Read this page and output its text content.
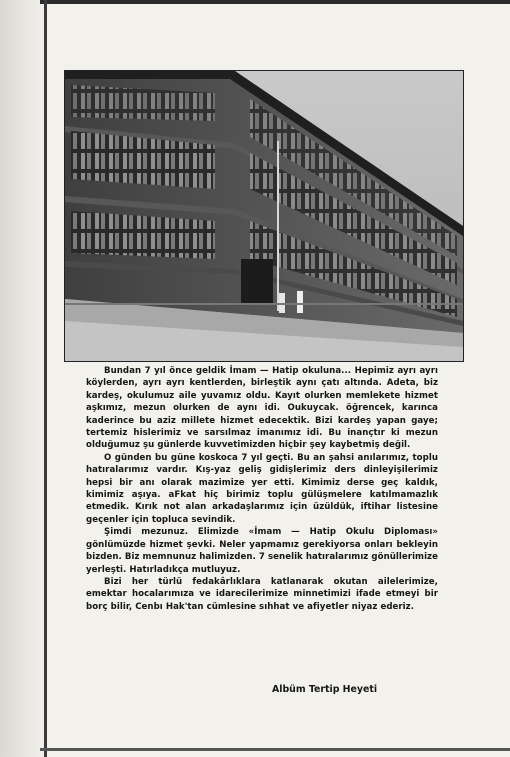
Bundan 7 yıl önce geldik İmam — Hatip okuluna... Hepimiz ayrı ayrı köylerden, ayrı ayrı kentlerden, birleştik aynı çatı altında. Adeta, biz kardeş, okulumuz aile yuvamız oldu. Kayıt olurken memlekete hizmet aşkımız, mezun olurken de aynı idi. Oukuycak. öğrencek, karınca kaderince bu aziz millete hizmet edecektik. Bizi kardeş yapan gaye; tertemiz hislerimiz ve sarsılmaz imanımız idi. Bu inançtır ki mezun olduğumuz şu günlerde kuvvetimizden hiçbir şey kaybetmiş değil.

O günden bu güne koskoca 7 yıl geçti. Bu an şahsi anılarımız, toplu hatıralarımız vardır. Kış-yaz geliş gidişlerimiz ders dinleyişilerimiz hepsi bir anı olarak mazimize yer etti. Kimimiz derse geç kaldık, kimimiz aşıya. aFkat hiç birimiz toplu gülüşmelere katılmamazlık etmedik. Kırık not alan arkadaşlarımız için üzüldük, iftihar listesine geçenler için topluca sevindik.

Şimdi mezunuz. Elimizde «İmam — Hatip Okulu Diploması» gönlümüzde hizmet şevki. Neler yapmamız gerekiyorsa onları bekleyin bizden. Biz memnunuz halimizden. 7 senelik hatıralarımız gönüllerimize yerleşti. Hatırladıkça mutluyuz.

Bizi her türlü fedakârlıklara katlanarak okutan ailelerimize, emektar hocalarımıza ve idarecilerimize minnetimizi ifade etmeyi bir borç bilir, Cenbı Hak'tan cümlesine sıhhat ve afiyetler niyaz ederiz.

Albüm Tertip Heyeti
